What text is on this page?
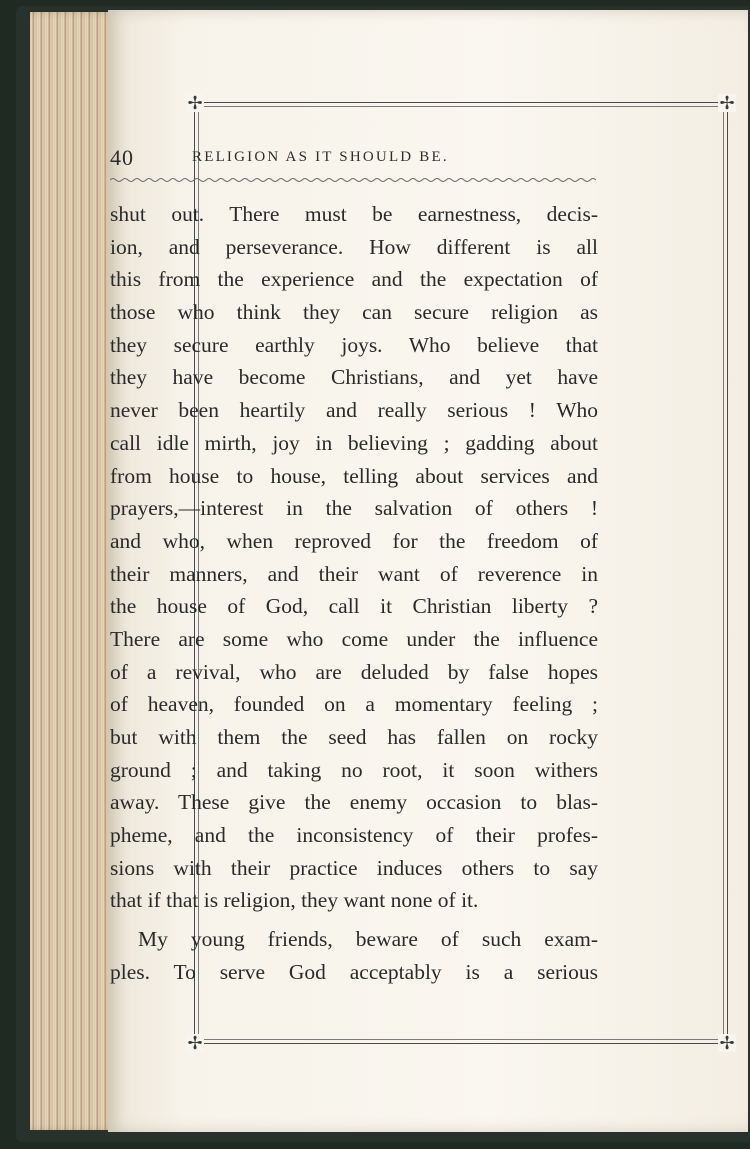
✢	✢
✢	✢
40	RELIGION AS IT SHOULD BE.
shut out. There must be earnestness, decis-
ion, and perseverance. How different is all
this from the experience and the expectation of
those who think they can secure religion as
they secure earthly joys. Who believe that
they have become Christians, and yet have
never been heartily and really serious ! Who
call idle mirth, joy in believing ; gadding about
from house to house, telling about services and
prayers,—interest in the salvation of others !
and who, when reproved for the freedom of
their manners, and their want of reverence in
the house of God, call it Christian liberty ?
There are some who come under the influence
of a revival, who are deluded by false hopes
of heaven, founded on a momentary feeling ;
but with them the seed has fallen on rocky
ground ; and taking no root, it soon withers
away. These give the enemy occasion to blas-
pheme, and the inconsistency of their profes-
sions with their practice induces others to say
that if that is religion, they want none of it.
My young friends, beware of such exam-
ples. To serve God acceptably is a serious
